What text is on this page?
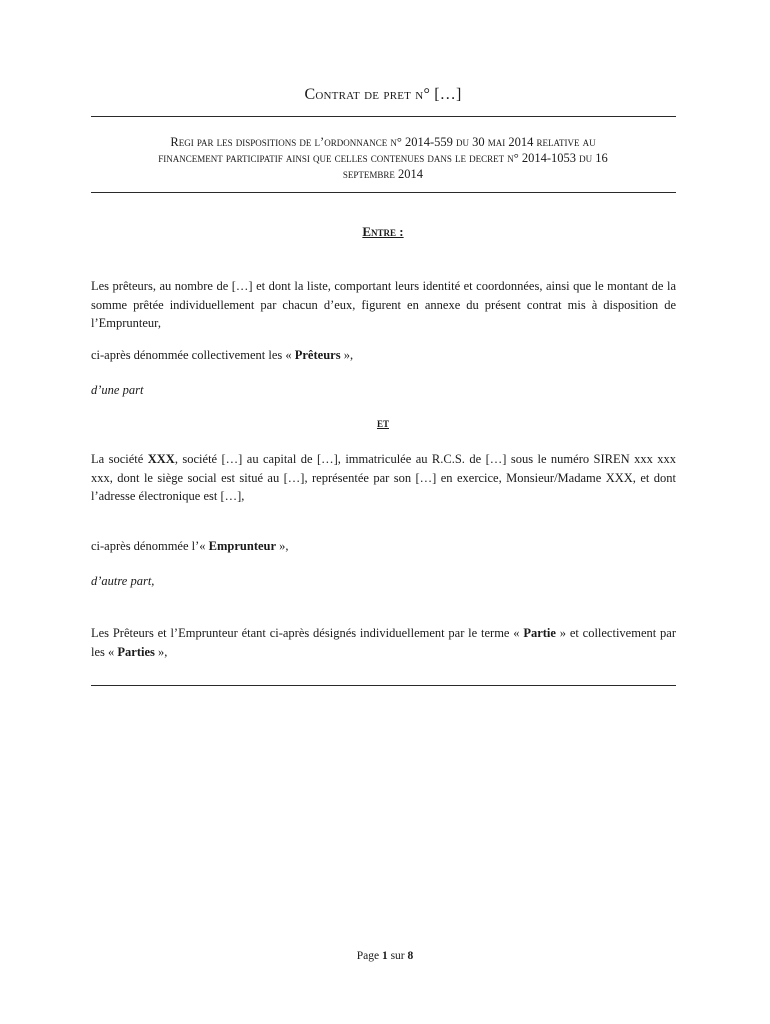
Contrat de pret n° […]
Regi par les dispositions de l’ordonnance n° 2014-559 du 30 mai 2014 relative au
financement participatif ainsi que celles contenues dans le decret n° 2014-1053 du 16
septembre 2014
Entre :
Les prêteurs, au nombre de […] et dont la liste, comportant leurs identité et coordonnées, ainsi que le montant de la somme prêtée individuellement par chacun d’eux, figurent en annexe du présent contrat mis à disposition de l’Emprunteur,
ci-après dénommée collectivement les « Prêteurs »,
d’une part
et
La société XXX, société […] au capital de […], immatriculée au R.C.S. de […] sous le numéro SIREN xxx xxx xxx, dont le siège social est situé au […], représentée par son […] en exercice, Monsieur/Madame XXX, et dont l’adresse électronique est […],
ci-après dénommée l’« Emprunteur »,
d’autre part,
Les Prêteurs et l’Emprunteur étant ci-après désignés individuellement par le terme « Partie » et collectivement par les « Parties »,
Page 1 sur 8
